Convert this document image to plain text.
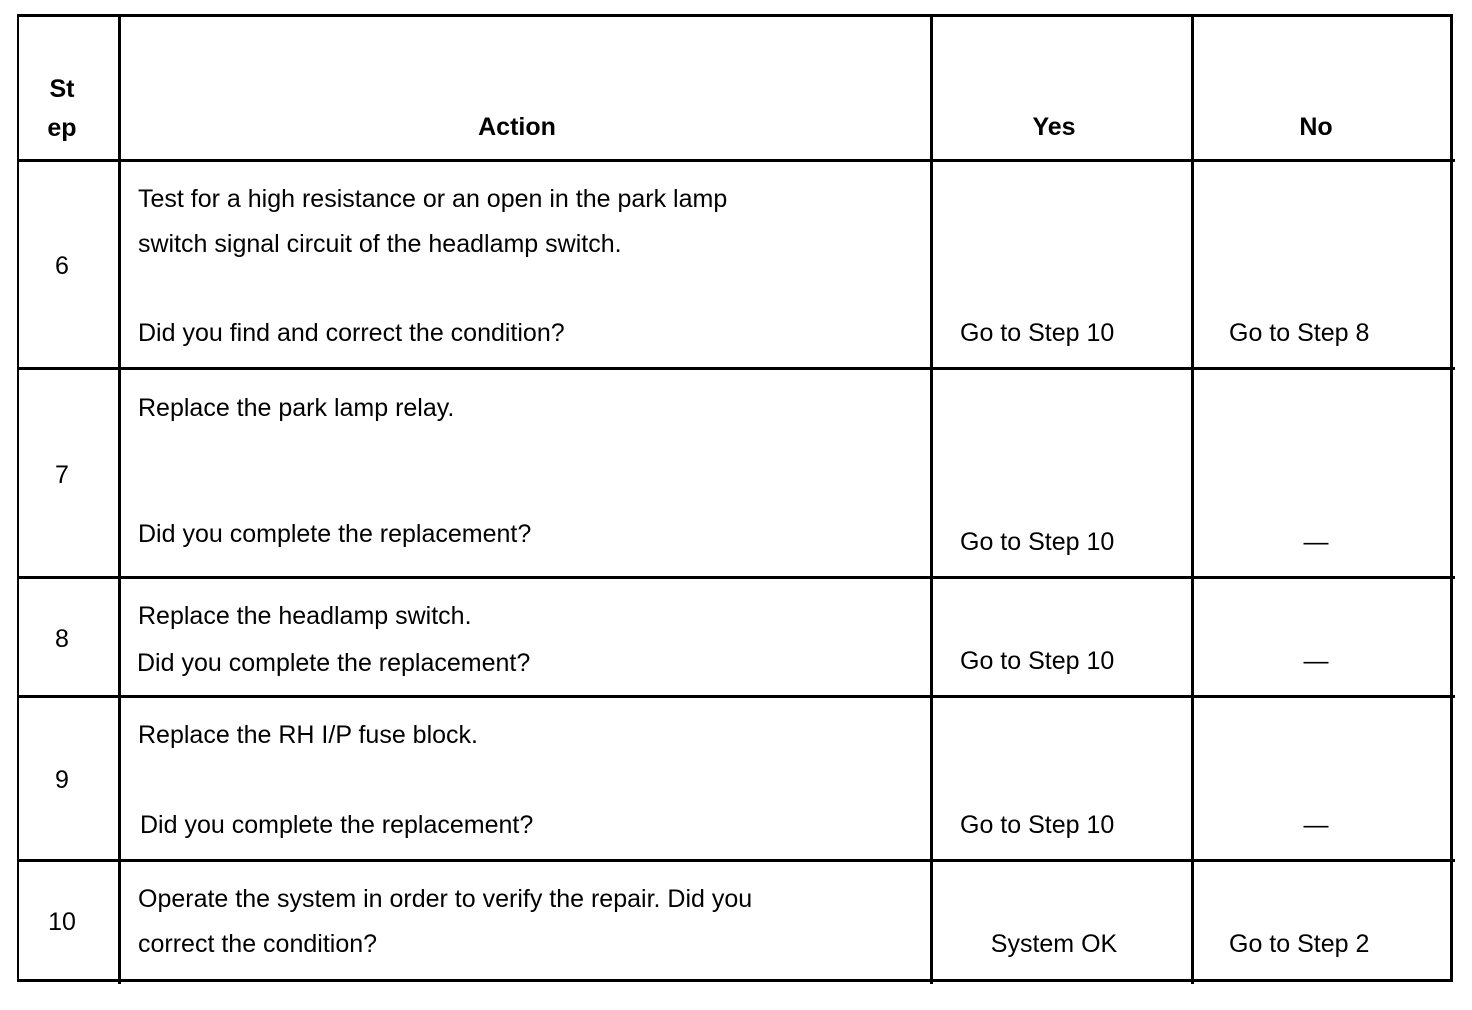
St
ep	Action	Yes	No
6
Test for a high resistance or an open in the park lamp
switch signal circuit of the headlamp switch.
Did you find and correct the condition?	Go to Step 10	Go to Step 8
7
Replace the park lamp relay.
Did you complete the replacement?	Go to Step 10	—
8
Replace the headlamp switch.
Did you complete the replacement?	Go to Step 10	—
9
Replace the RH I/P fuse block.
Did you complete the replacement?	Go to Step 10	—
10
Operate the system in order to verify the repair. Did you
correct the condition?	System OK	Go to Step 2
